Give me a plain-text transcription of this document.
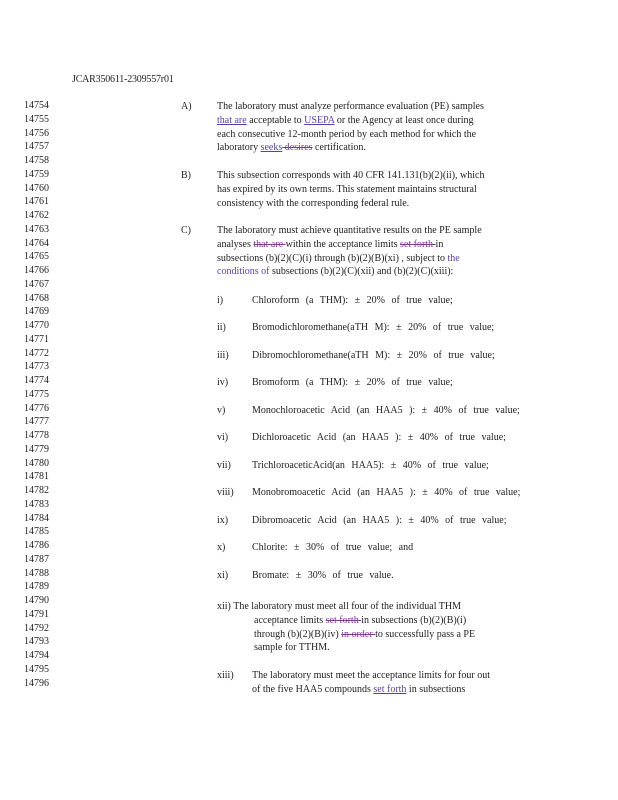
JCAR350611-2309557r01
14754
14755
14756
14757
14758
14759
14760
14761
14762
14763
14764
14765
14766
14767
14768
14769
14770
14771
14772
14773
14774
14775
14776
14777
14778
14779
14780
14781
14782
14783
14784
14785
14786
14787
14788
14789
14790
14791
14792
14793
14794
14795
14796
A)	The laboratory must analyze performance evaluation (PE) samples
that are acceptable to USEPA or the Agency at least once during
each consecutive 12-month period by each method for which the
laboratory seeks desires certification.
B)	This subsection corresponds with 40 CFR 141.131(b)(2)(ii), which
has expired by its own terms. This statement maintains structural
consistency with the corresponding federal rule.
C)	The laboratory must achieve quantitative results on the PE sample
analyses that are within the acceptance limits set forth in
subsections (b)(2)(C)(i) through (b)(2)(B)(xi) , subject to the
conditions of subsections (b)(2)(C)(xii) and (b)(2)(C)(xiii):
i)	Chloroform (a THM): ± 20% of true value;
ii)	Bromodichloromethane(aTH M): ± 20% of true value;
iii) Dibromochloromethane(aTH M): ± 20% of true value;
iv) Bromoform (a THM): ± 20% of true value;
v)	Monochloroacetic Acid (an HAA5 ): ± 40% of true value;
vi) Dichloroacetic Acid (an HAA5 ): ± 40% of true value;
vii) TrichloroaceticAcid(an HAA5): ± 40% of true value;
viii) Monobromoacetic Acid (an HAA5 ): ± 40% of true value;
ix) Dibromoacetic Acid (an HAA5 ): ± 40% of true value;
x)	Chlorite: ± 30% of true value; and
xi) Bromate: ± 30% of true value.
xii) The laboratory must meet all four of the individual THM
acceptance limits set forth in subsections (b)(2)(B)(i)
through (b)(2)(B)(iv) in order to successfully pass a PE
sample for TTHM.
xiii) The laboratory must meet the acceptance limits for four out
of the five HAA5 compounds set forth in subsections
